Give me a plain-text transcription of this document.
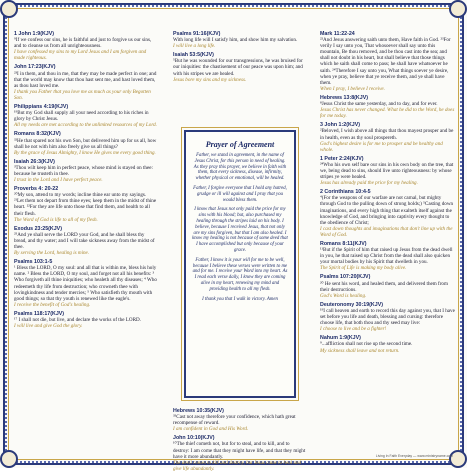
1 John 1:9(KJV)
⁹If we confess our sins, he is faithful and just to forgive us our sins, and to cleanse us from all unrighteousness.
I have confessed my sins to my Lord Jesus and I am forgiven and made righteous.
John 17:23(KJV)
²³I in them, and thou in me, that they may be made perfect in one; and that the world may know that thou hast sent me, and hast loved them, as thou hast loved me.
I thank you Father that you love me as much as your only Begotten Son.
Philippians 4:19(KJV)
¹⁹But my God shall supply all your need according to his riches in glory by Christ Jesus.
All my needs are met according to the unlimited resources of my Lord.
Romans 8:32(KJV)
³²He that spared not his own Son, but delivered him up for us all, how shall he not with him also freely give us all things?
By the grace of Jesus Almighty, I know He gives me every good thing.
Isaiah 26:3(KJV)
³Thou wilt keep him in perfect peace, whose mind is stayed on thee: because he trusteth in thee.
I trust in the Lord and I have perfect peace.
Proverbs 4: 20-22
²⁰My son, attend to my words; incline thine ear unto my sayings. ²¹Let them not depart from thine eyes; keep them in the midst of thine heart. ²²For they are life unto those that find them, and health to all their flesh.
The Word of God is life to all of my flesh.
Exodus 23:25(KJV)
²⁵And ye shall serve the LORD your God, and he shall bless thy bread, and thy water; and I will take sickness away from the midst of thee.
By serving the Lord, healing is mine.
Psalms 103:1-5
¹ Bless the LORD, O my soul: and all that is within me, bless his holy name. ² Bless the LORD, O my soul, and forget not all his benefits: ³ Who forgiveth all thine iniquities; who healeth all thy diseases; ⁴ Who redeemeth thy life from destruction; who crowneth thee with lovingkindness and tender mercies; ⁵ Who satisfieth thy mouth with good things; so that thy youth is renewed like the eagle's.
I receive the benefit of God's healing.
Psalms 118:17(KJV)
¹⁷ I shall not die, but live, and declare the works of the LORD.
I will live and give God the glory.
Psalms 91:16(KJV)
With long life will I satisfy him, and show him my salvation.
I will live a long life.
Isaiah 53:5(KJV)
⁵But he was wounded for our transgressions, he was bruised for our iniquities: the chastisement of our peace was upon him; and with his stripes we are healed.
Jesus bore my sins and my sickness.
Prayer of Agreement

Father, we stand in agreement, in the name of Jesus Christ, for this person in need of healing. As they pray this prayer, we believe in faith with them, that every sickness, disease, infirmity, whether physical or emotional, will be healed.

Father, I forgive everyone that I hold any hatred, grudge or ill will against and I pray that you would bless them.

I know that Jesus not only paid the price for my sins with his blood; but, also purchased my healing through the stripes laid on his body. I believe, because I received Jesus, that not only are my sins forgiven, but that I am also healed. I know my healing is not because of some deed that I have accomplished but only because of your grace.

Father, I know it is your will for me to be well, because I believe these verses were written to me and for me. I receive your Word into my heart. As I read each verse daily, I know they are coming alive in my heart, renewing my mind and providing health to all my flesh.

I thank you that I walk in victory. Amen

Hebrews 10:35(KJV)
³⁵Cast not away therefore your confidence, which hath great recompense of reward.
I am confident in God and His Word.
John 10:10(KJV)
¹⁰The thief cometh not, but for to steal, and to kill, and to destroy: I am come that they might have life, and that they might have it more abundantly.
The devil comes to kill and destroy, but Jesus came to heal and give life abundantly.
Mark 11:22-24
²²And Jesus answering saith unto them, Have faith in God. ²³For verily I say unto you, That whosoever shall say unto this mountain, Be thou removed, and be thou cast into the sea; and shall not doubt in his heart, but shall believe that those things which he saith shall come to pass; he shall have whatsoever he saith. ²⁴Therefore I say unto you, What things soever ye desire, when ye pray, believe that ye receive them, and ye shall have them.
When I pray, I believe I receive.
Hebrews 13:8(KJV)
⁸Jesus Christ the same yesterday, and to day, and for ever.
Jesus Christ has never changed. What he did to the Word, he does for me today.
3 John 1:2(KJV)
²Beloved, I wish above all things that thou mayest prosper and be in health, even as thy soul prospereth.
God's highest desire is for me to prosper and be healthy and whole.
1 Peter 2:24(KJV)
²⁴Who his own self bare our sins in his own body on the tree, that we, being dead to sins, should live unto righteousness: by whose stripes ye were healed.
Jesus has already paid the price for my healing.
2 Corinthians 10:4-5
⁴(For the weapons of our warfare are not carnal, but mighty through God to the pulling down of strong holds;) ⁵Casting down imaginations, and every high thing that exalteth itself against the knowledge of God, and bringing into captivity every thought to the obedience of Christ;
I cast down thoughts and imaginations that don't line up with the Word of God.
Romans 8:11(KJV)
¹¹But if the Spirit of him that raised up Jesus from the dead dwell in you, he that raised up Christ from the dead shall also quicken your mortal bodies by his Spirit that dwelleth in you.
The Spirit of Life is making my body alive.
Psalms 107:20(KJV)
²⁰ He sent his word, and healed them, and delivered them from their destructions.
God's Word is healing.
Deuteronomy 30:19(KJV)
¹⁹I call heaven and earth to record this day against you, that I have set before you life and death, blessing and cursing: therefore choose life, that both thou and thy seed may live:
I choose to live and be a fighter!
Nahum 1:9(KJV)
⁹...affliction shall not rise up the second time.
My sickness shall leave and not return.
Living In Faith Everyday — www.ministryname.com
